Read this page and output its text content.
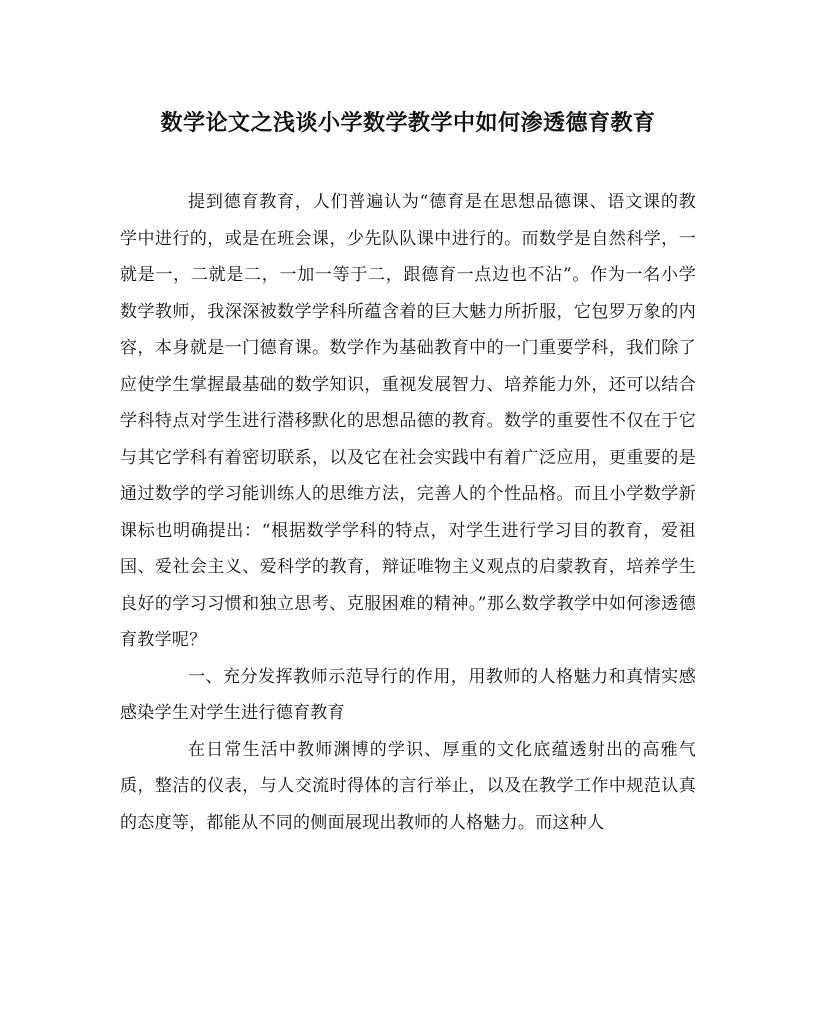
数学论文之浅谈小学数学教学中如何渗透德育教育

提到德育教育，人们普遍认为“德育是在思想品德课、语文课的教学中进行的，或是在班会课，少先队队课中进行的。而数学是自然科学，一就是一，二就是二，一加一等于二，跟德育一点边也不沾”。作为一名小学数学教师，我深深被数学学科所蕴含着的巨大魅力所折服，它包罗万象的内容，本身就是一门德育课。数学作为基础教育中的一门重要学科，我们除了应使学生掌握最基础的数学知识，重视发展智力、培养能力外，还可以结合学科特点对学生进行潜移默化的思想品德的教育。数学的重要性不仅在于它与其它学科有着密切联系，以及它在社会实践中有着广泛应用，更重要的是通过数学的学习能训练人的思维方法，完善人的个性品格。而且小学数学新课标也明确提出：“根据数学学科的特点，对学生进行学习目的教育，爱祖国、爱社会主义、爱科学的教育，辩证唯物主义观点的启蒙教育，培养学生良好的学习习惯和独立思考、克服困难的精神。”那么数学教学中如何渗透德育教学呢？

一、充分发挥教师示范导行的作用，用教师的人格魅力和真情实感感染学生对学生进行德育教育

在日常生活中教师渊博的学识、厚重的文化底蕴透射出的高雅气质，整洁的仪表，与人交流时得体的言行举止，以及在教学工作中规范认真的态度等，都能从不同的侧面展现出教师的人格魅力。而这种人
